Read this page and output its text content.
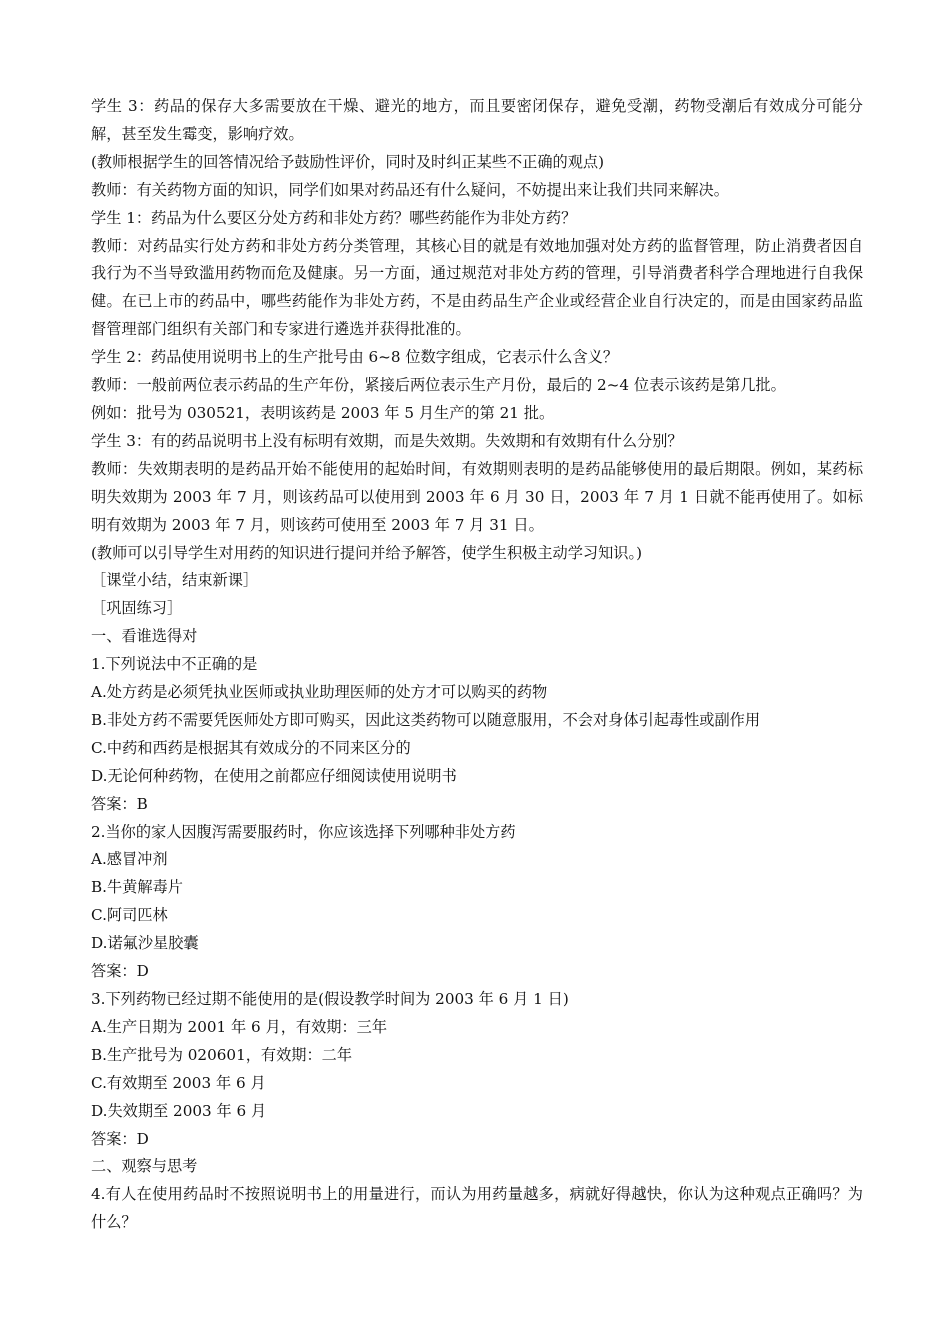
学生 3：药品的保存大多需要放在干燥、避光的地方，而且要密闭保存，避免受潮，药物受潮后有效成分可能分解，甚至发生霉变，影响疗效。

(教师根据学生的回答情况给予鼓励性评价，同时及时纠正某些不正确的观点)

教师：有关药物方面的知识，同学们如果对药品还有什么疑问，不妨提出来让我们共同来解决。

学生 1：药品为什么要区分处方药和非处方药？哪些药能作为非处方药？

教师：对药品实行处方药和非处方药分类管理，其核心目的就是有效地加强对处方药的监督管理，防止消费者因自我行为不当导致滥用药物而危及健康。另一方面，通过规范对非处方药的管理，引导消费者科学合理地进行自我保健。在已上市的药品中，哪些药能作为非处方药，不是由药品生产企业或经营企业自行决定的，而是由国家药品监督管理部门组织有关部门和专家进行遴选并获得批准的。

学生 2：药品使用说明书上的生产批号由 6~8 位数字组成，它表示什么含义？

教师：一般前两位表示药品的生产年份，紧接后两位表示生产月份，最后的 2~4 位表示该药是第几批。

例如：批号为 030521，表明该药是 2003 年 5 月生产的第 21 批。

学生 3：有的药品说明书上没有标明有效期，而是失效期。失效期和有效期有什么分别？

教师：失效期表明的是药品开始不能使用的起始时间，有效期则表明的是药品能够使用的最后期限。例如，某药标明失效期为 2003 年 7 月，则该药品可以使用到 2003 年 6 月 30 日，2003 年 7 月 1 日就不能再使用了。如标明有效期为 2003 年 7 月，则该药可使用至 2003 年 7 月 31 日。

(教师可以引导学生对用药的知识进行提问并给予解答，使学生积极主动学习知识。)

［课堂小结，结束新课］

［巩固练习］

一、看谁选得对

1.下列说法中不正确的是

A.处方药是必须凭执业医师或执业助理医师的处方才可以购买的药物

B.非处方药不需要凭医师处方即可购买，因此这类药物可以随意服用，不会对身体引起毒性或副作用

C.中药和西药是根据其有效成分的不同来区分的

D.无论何种药物，在使用之前都应仔细阅读使用说明书

答案：B

2.当你的家人因腹泻需要服药时，你应该选择下列哪种非处方药

A.感冒冲剂

B.牛黄解毒片

C.阿司匹林

D.诺氟沙星胶囊

答案：D

3.下列药物已经过期不能使用的是(假设教学时间为 2003 年 6 月 1 日)

A.生产日期为 2001 年 6 月，有效期：三年

B.生产批号为 020601，有效期：二年

C.有效期至 2003 年 6 月

D.失效期至 2003 年 6 月

答案：D

二、观察与思考

4.有人在使用药品时不按照说明书上的用量进行，而认为用药量越多，病就好得越快，你认为这种观点正确吗？为什么？
